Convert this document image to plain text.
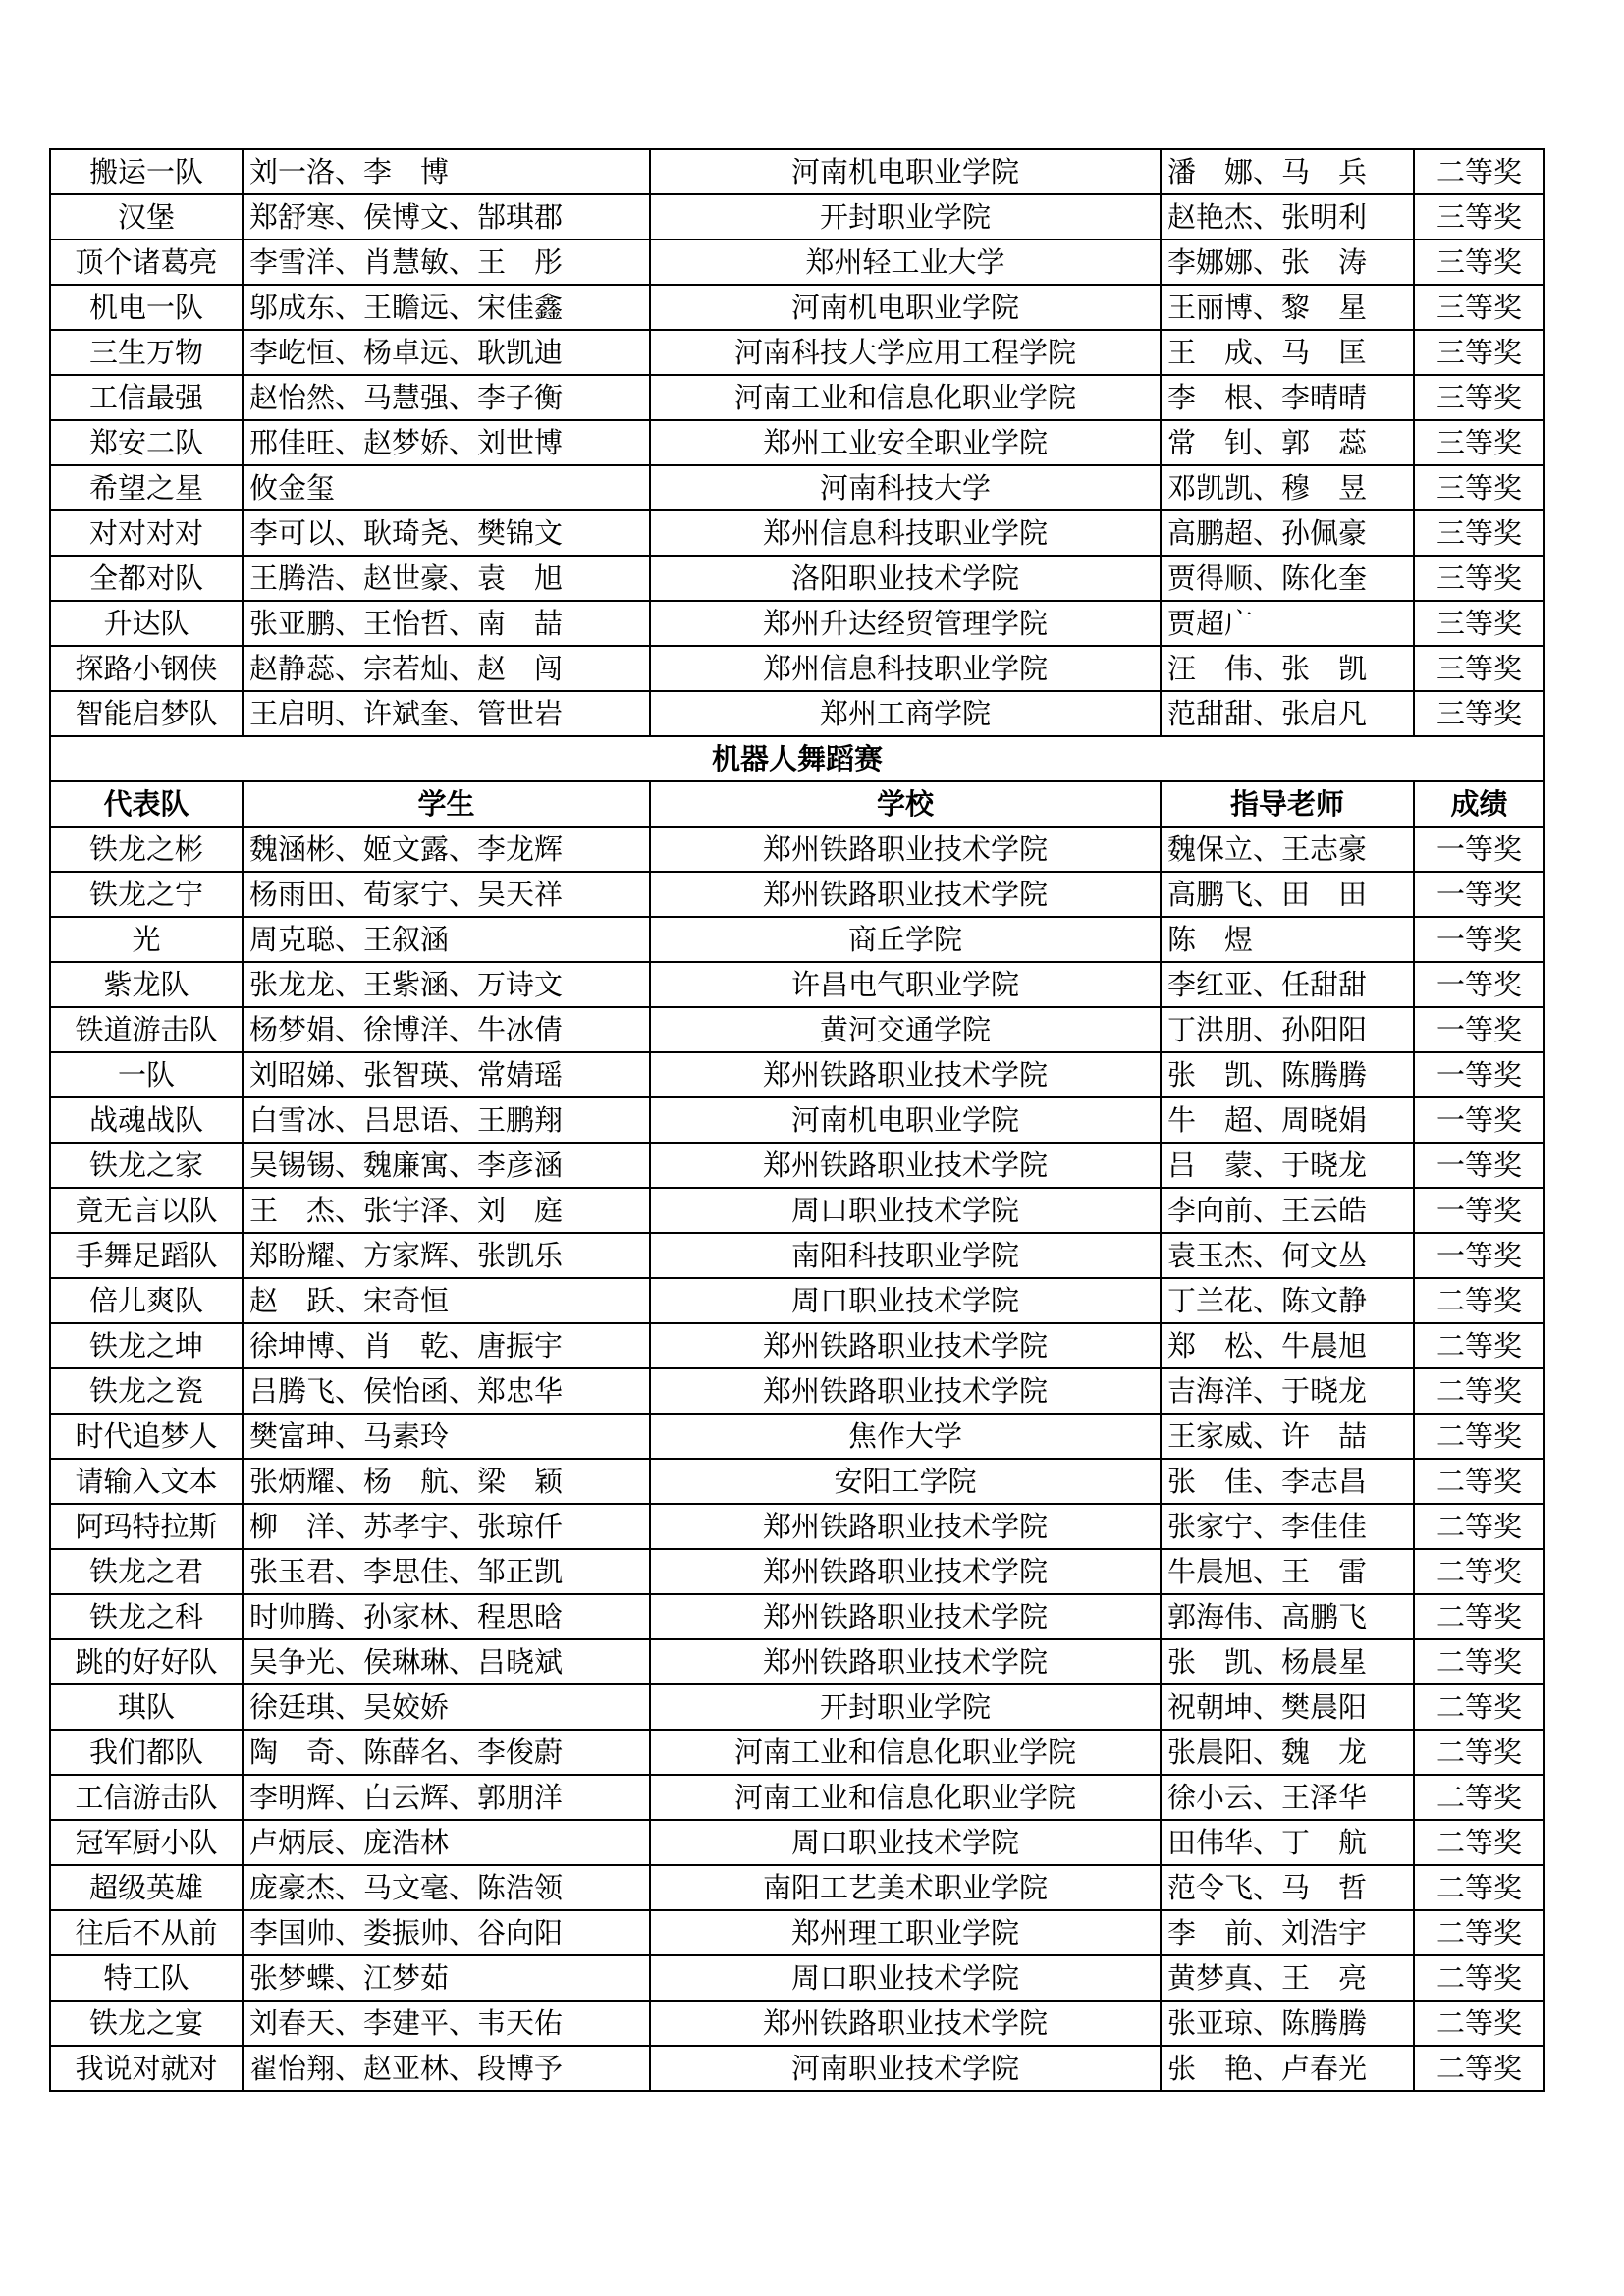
搬运一队	刘一洛、李　博	河南机电职业学院	潘　娜、马　兵	二等奖
汉堡	郑舒寒、侯博文、郜琪郡	开封职业学院	赵艳杰、张明利	三等奖
顶个诸葛亮	李雪洋、肖慧敏、王　彤	郑州轻工业大学	李娜娜、张　涛	三等奖
机电一队	邬成东、王瞻远、宋佳鑫	河南机电职业学院	王丽博、黎　星	三等奖
三生万物	李屹恒、杨卓远、耿凯迪	河南科技大学应用工程学院	王　成、马　匡	三等奖
工信最强	赵怡然、马慧强、李子衡	河南工业和信息化职业学院	李　根、李晴晴	三等奖
郑安二队	邢佳旺、赵梦娇、刘世博	郑州工业安全职业学院	常　钊、郭　蕊	三等奖
希望之星	攸金玺	河南科技大学	邓凯凯、穆　昱	三等奖
对对对对	李可以、耿琦尧、樊锦文	郑州信息科技职业学院	高鹏超、孙佩豪	三等奖
全都对队	王腾浩、赵世豪、袁　旭	洛阳职业技术学院	贾得顺、陈化奎	三等奖
升达队	张亚鹏、王怡哲、南　喆	郑州升达经贸管理学院	贾超广	三等奖
探路小钢侠	赵静蕊、宗若灿、赵　闯	郑州信息科技职业学院	汪　伟、张　凯	三等奖
智能启梦队	王启明、许斌奎、管世岩	郑州工商学院	范甜甜、张启凡	三等奖
机器人舞蹈赛				
代表队	学生	学校	指导老师	成绩
铁龙之彬	魏涵彬、姬文露、李龙辉	郑州铁路职业技术学院	魏保立、王志豪	一等奖
铁龙之宁	杨雨田、荀家宁、吴天祥	郑州铁路职业技术学院	高鹏飞、田　田	一等奖
光	周克聪、王叙涵	商丘学院	陈　煜	一等奖
紫龙队	张龙龙、王紫涵、万诗文	许昌电气职业学院	李红亚、任甜甜	一等奖
铁道游击队	杨梦娟、徐博洋、牛冰倩	黄河交通学院	丁洪朋、孙阳阳	一等奖
一队	刘昭娣、张智瑛、常婧瑶	郑州铁路职业技术学院	张　凯、陈腾腾	一等奖
战魂战队	白雪冰、吕思语、王鹏翔	河南机电职业学院	牛　超、周晓娟	一等奖
铁龙之家	吴锡锡、魏廉寓、李彦涵	郑州铁路职业技术学院	吕　蒙、于晓龙	一等奖
竟无言以队	王　杰、张宇泽、刘　庭	周口职业技术学院	李向前、王云皓	一等奖
手舞足蹈队	郑盼耀、方家辉、张凯乐	南阳科技职业学院	袁玉杰、何文丛	一等奖
倍儿爽队	赵　跃、宋奇恒	周口职业技术学院	丁兰花、陈文静	二等奖
铁龙之坤	徐坤博、肖　乾、唐振宇	郑州铁路职业技术学院	郑　松、牛晨旭	二等奖
铁龙之瓷	吕腾飞、侯怡函、郑忠华	郑州铁路职业技术学院	吉海洋、于晓龙	二等奖
时代追梦人	樊富珅、马素玲	焦作大学	王家威、许　喆	二等奖
请输入文本	张炳耀、杨　航、梁　颖	安阳工学院	张　佳、李志昌	二等奖
阿玛特拉斯	柳　洋、苏孝宇、张琼仟	郑州铁路职业技术学院	张家宁、李佳佳	二等奖
铁龙之君	张玉君、李思佳、邹正凯	郑州铁路职业技术学院	牛晨旭、王　雷	二等奖
铁龙之科	时帅腾、孙家林、程思晗	郑州铁路职业技术学院	郭海伟、高鹏飞	二等奖
跳的好好队	吴争光、侯琳琳、吕晓斌	郑州铁路职业技术学院	张　凯、杨晨星	二等奖
琪队	徐廷琪、吴姣娇	开封职业学院	祝朝坤、樊晨阳	二等奖
我们都队	陶　奇、陈薛名、李俊蔚	河南工业和信息化职业学院	张晨阳、魏　龙	二等奖
工信游击队	李明辉、白云辉、郭朋洋	河南工业和信息化职业学院	徐小云、王泽华	二等奖
冠军厨小队	卢炳辰、庞浩林	周口职业技术学院	田伟华、丁　航	二等奖
超级英雄	庞豪杰、马文毫、陈浩领	南阳工艺美术职业学院	范令飞、马　哲	二等奖
往后不从前	李国帅、娄振帅、谷向阳	郑州理工职业学院	李　前、刘浩宇	二等奖
特工队	张梦蝶、江梦茹	周口职业技术学院	黄梦真、王　亮	二等奖
铁龙之宴	刘春天、李建平、韦天佑	郑州铁路职业技术学院	张亚琼、陈腾腾	二等奖
我说对就对	翟怡翔、赵亚林、段博予	河南职业技术学院	张　艳、卢春光	二等奖
